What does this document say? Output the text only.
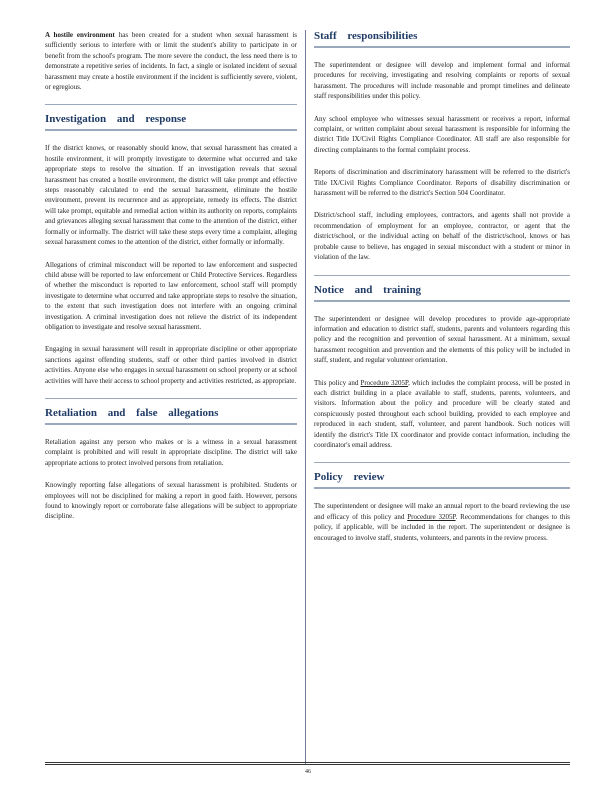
A hostile environment has been created for a student when sexual harassment is sufficiently serious to interfere with or limit the student's ability to participate in or benefit from the school's program. The more severe the conduct, the less need there is to demonstrate a repetitive series of incidents. In fact, a single or isolated incident of sexual harassment may create a hostile environment if the incident is sufficiently severe, violent, or egregious.

Investigation and response

If the district knows, or reasonably should know, that sexual harassment has created a hostile environment, it will promptly investigate to determine what occurred and take appropriate steps to resolve the situation. If an investigation reveals that sexual harassment has created a hostile environment, the district will take prompt and effective steps reasonably calculated to end the sexual harassment, eliminate the hostile environment, prevent its recurrence and as appropriate, remedy its effects. The district will take prompt, equitable and remedial action within its authority on reports, complaints and grievances alleging sexual harassment that come to the attention of the district, either formally or informally. The district will take these steps every time a complaint, alleging sexual harassment comes to the attention of the district, either formally or informally.

Allegations of criminal misconduct will be reported to law enforcement and suspected child abuse will be reported to law enforcement or Child Protective Services. Regardless of whether the misconduct is reported to law enforcement, school staff will promptly investigate to determine what occurred and take appropriate steps to resolve the situation, to the extent that such investigation does not interfere with an ongoing criminal investigation. A criminal investigation does not relieve the district of its independent obligation to investigate and resolve sexual harassment.

Engaging in sexual harassment will result in appropriate discipline or other appropriate sanctions against offending students, staff or other third parties involved in district activities. Anyone else who engages in sexual harassment on school property or at school activities will have their access to school property and activities restricted, as appropriate.

Retaliation and false allegations

Retaliation against any person who makes or is a witness in a sexual harassment complaint is prohibited and will result in appropriate discipline. The district will take appropriate actions to protect involved persons from retaliation.

Knowingly reporting false allegations of sexual harassment is prohibited. Students or employees will not be disciplined for making a report in good faith. However, persons found to knowingly report or corroborate false allegations will be subject to appropriate discipline.

Staff responsibilities

The superintendent or designee will develop and implement formal and informal procedures for receiving, investigating and resolving complaints or reports of sexual harassment. The procedures will include reasonable and prompt timelines and delineate staff responsibilities under this policy.

Any school employee who witnesses sexual harassment or receives a report, informal complaint, or written complaint about sexual harassment is responsible for informing the district Title IX/Civil Rights Compliance Coordinator. All staff are also responsible for directing complainants to the formal complaint process.

Reports of discrimination and discriminatory harassment will be referred to the district's Title IX/Civil Rights Compliance Coordinator. Reports of disability discrimination or harassment will be referred to the district's Section 504 Coordinator.

District/school staff, including employees, contractors, and agents shall not provide a recommendation of employment for an employee, contractor, or agent that the district/school, or the individual acting on behalf of the district/school, knows or has probable cause to believe, has engaged in sexual misconduct with a student or minor in violation of the law.

Notice and training

The superintendent or designee will develop procedures to provide age-appropriate information and education to district staff, students, parents and volunteers regarding this policy and the recognition and prevention of sexual harassment. At a minimum, sexual harassment recognition and prevention and the elements of this policy will be included in staff, student, and regular volunteer orientation.

This policy and Procedure 3205P, which includes the complaint process, will be posted in each district building in a place available to staff, students, parents, volunteers, and visitors. Information about the policy and procedure will be clearly stated and conspicuously posted throughout each school building, provided to each employee and reproduced in each student, staff, volunteer, and parent handbook. Such notices will identify the district's Title IX coordinator and provide contact information, including the coordinator's email address.

Policy review

The superintendent or designee will make an annual report to the board reviewing the use and efficacy of this policy and Procedure 3205P. Recommendations for changes to this policy, if applicable, will be included in the report. The superintendent or designee is encouraged to involve staff, students, volunteers, and parents in the review process.

46
